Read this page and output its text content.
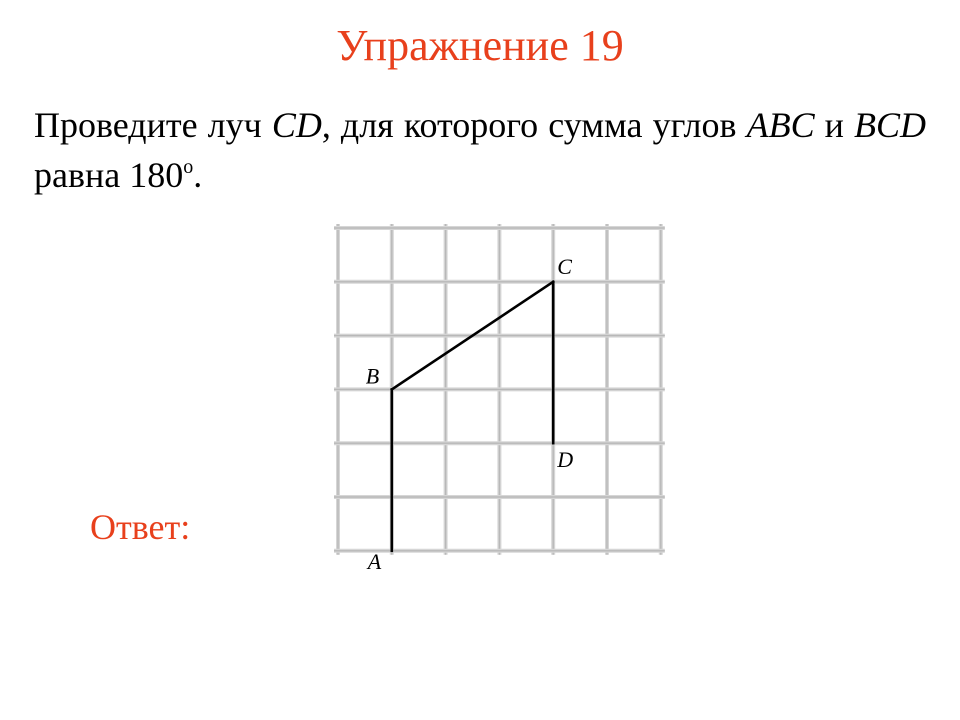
Упражнение 19
Проведите луч CD, для которого сумма углов ABC и BCD равна 180$^o$.
Ответ:
A
B
C
D
